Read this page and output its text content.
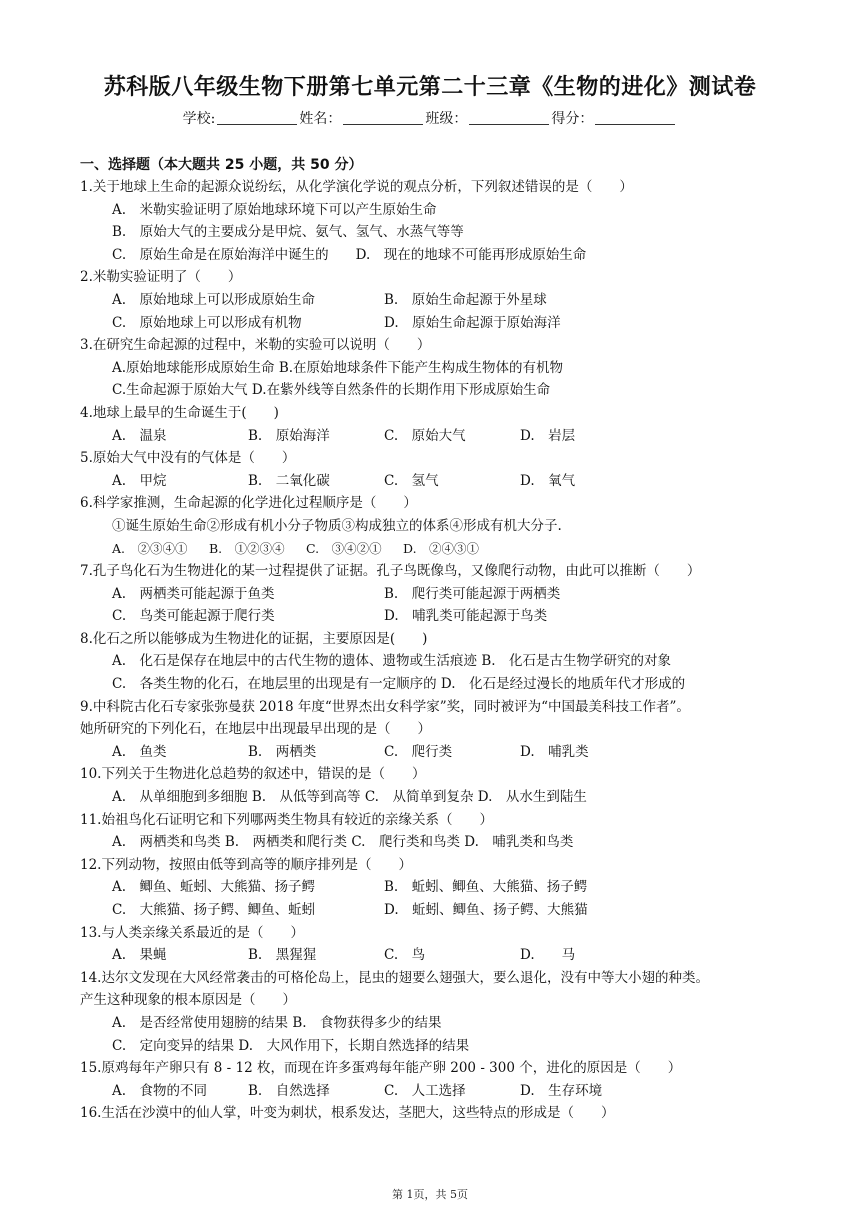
苏科版八年级生物下册第七单元第二十三章《生物的进化》测试卷
学校:	姓名：	班级：	得分：
一、选择题（本大题共 25 小题，共 50 分）
1.关于地球上生命的起源众说纷纭，从化学演化学说的观点分析，下列叙述错误的是（　　）
A.　米勒实验证明了原始地球环境下可以产生原始生命
B.　原始大气的主要成分是甲烷、氨气、氢气、水蒸气等等
C.　原始生命是在原始海洋中诞生的　　D.　现在的地球不可能再形成原始生命
2.米勒实验证明了（　　）
A.　原始地球上可以形成原始生命	B.　原始生命起源于外星球
C.　原始地球上可以形成有机物	D.　原始生命起源于原始海洋
3.在研究生命起源的过程中，米勒的实验可以说明（　　）
A.原始地球能形成原始生命 B.在原始地球条件下能产生构成生物体的有机物
C.生命起源于原始大气 D.在紫外线等自然条件的长期作用下形成原始生命
4.地球上最早的生命诞生于(　　)
A.　温泉	B.　原始海洋	C.　原始大气	D.　岩层
5.原始大气中没有的气体是（　　）
A.　甲烷	B.　二氧化碳	C.　氢气	D.　氧气
6.科学家推测，生命起源的化学进化过程顺序是（　　）
①诞生原始生命②形成有机小分子物质③构成独立的体系④形成有机大分子.
A.　②③④① B.　①②③④ C.　③④②① D.　②④③①
7.孔子鸟化石为生物进化的某一过程提供了证据。孔子鸟既像鸟，又像爬行动物，由此可以推断（　　）
A.　两栖类可能起源于鱼类	B.　爬行类可能起源于两栖类
C.　鸟类可能起源于爬行类	D.　哺乳类可能起源于鸟类
8.化石之所以能够成为生物进化的证据，主要原因是(　　)
A.　化石是保存在地层中的古代生物的遗体、遗物或生活痕迹 B.　化石是古生物学研究的对象
C.　各类生物的化石，在地层里的出现是有一定顺序的 D.　化石是经过漫长的地质年代才形成的
9.中科院古化石专家张弥曼获 2018 年度“世界杰出女科学家”奖，同时被评为“中国最美科技工作者”。
她所研究的下列化石，在地层中出现最早出现的是（　　）
A.　鱼类	B.　两栖类	C.　爬行类	D.　哺乳类
10.下列关于生物进化总趋势的叙述中，错误的是（　　）
A.　从单细胞到多细胞 B.　从低等到高等 C.　从简单到复杂 D.　从水生到陆生
11.始祖鸟化石证明它和下列哪两类生物具有较近的亲缘关系（　　）
A.　两栖类和鸟类 B.　两栖类和爬行类 C.　爬行类和鸟类 D.　哺乳类和鸟类
12.下列动物，按照由低等到高等的顺序排列是（　　）
A.　鲫鱼、蚯蚓、大熊猫、扬子鳄	B.　蚯蚓、鲫鱼、大熊猫、扬子鳄
C.　大熊猫、扬子鳄、鲫鱼、蚯蚓	D.　蚯蚓、鲫鱼、扬子鳄、大熊猫
13.与人类亲缘关系最近的是（　　）
A.　果蝇	B.　黑猩猩	C.　鸟	D.　　马
14.达尔文发现在大风经常袭击的可格伦岛上，昆虫的翅要么翅强大，要么退化，没有中等大小翅的种类。
产生这种现象的根本原因是（　　）
A.　是否经常使用翅膀的结果 B.　食物获得多少的结果
C.　定向变异的结果 D.　大风作用下，长期自然选择的结果
15.原鸡每年产卵只有 8 - 12 枚，而现在许多蛋鸡每年能产卵 200 - 300 个，进化的原因是（　　）
A.　食物的不同	B.　自然选择	C.　人工选择	D.　生存环境
16.生活在沙漠中的仙人掌，叶变为刺状，根系发达，茎肥大，这些特点的形成是（　　）
第 1页，共 5页
